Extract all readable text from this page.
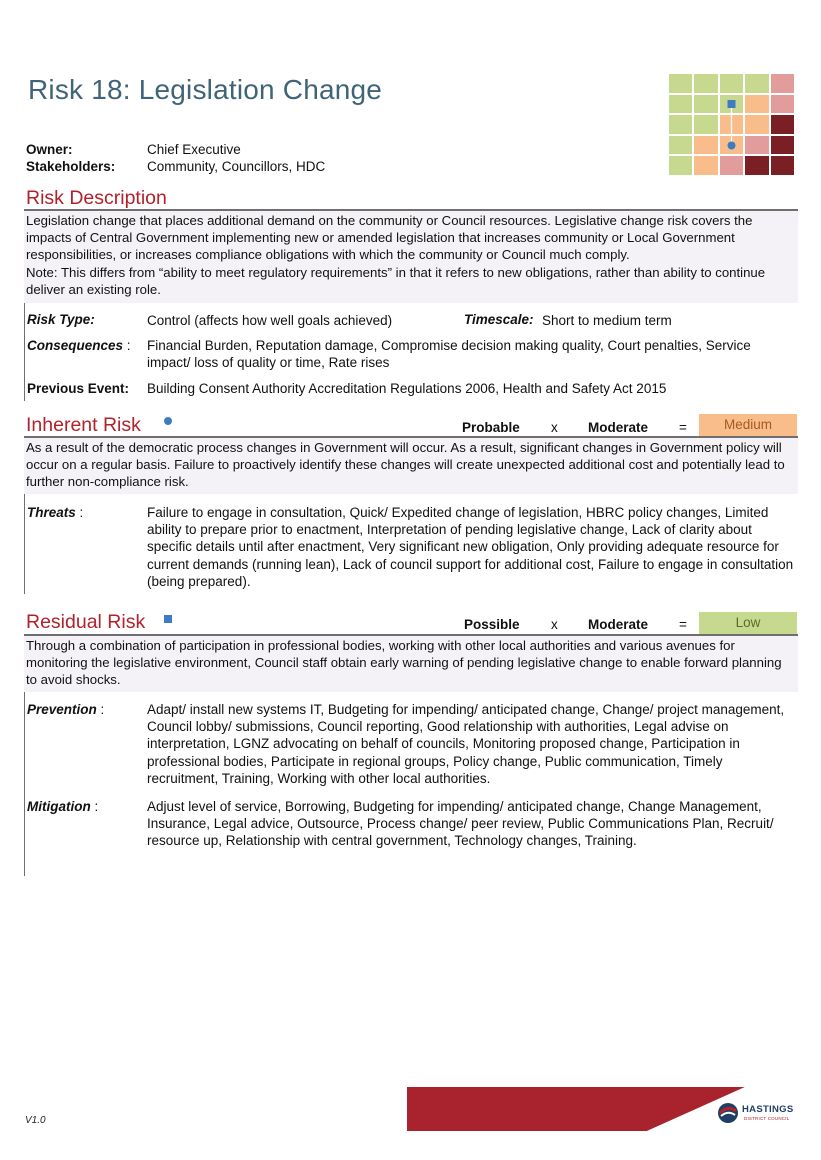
Risk 18: Legislation Change
Owner:	Chief Executive
Stakeholders: Community, Councillors, HDC
Risk Description
Legislation change that places additional demand on the community or Council resources. Legislative change risk covers the impacts of Central Government implementing new or amended legislation that increases community or Local Government responsibilities, or increases compliance obligations with which the community or Council much comply.
Note: This differs from “ability to meet regulatory requirements” in that it refers to new obligations, rather than ability to continue deliver an existing role.
Risk Type:	Control (affects how well goals achieved)	Timescale: Short to medium term
Consequences : Financial Burden, Reputation damage, Compromise decision making quality, Court penalties, Service impact/ loss of quality or time, Rate rises
Previous Event: Building Consent Authority Accreditation Regulations 2006, Health and Safety Act 2015
Inherent Risk	Probable x Moderate =	Medium
As a result of the democratic process changes in Government will occur. As a result, significant changes in Government policy will occur on a regular basis. Failure to proactively identify these changes will create unexpected additional cost and potentially lead to further non-compliance risk.
Threats :	Failure to engage in consultation, Quick/ Expedited change of legislation, HBRC policy changes, Limited ability to prepare prior to enactment, Interpretation of pending legislative change, Lack of clarity about specific details until after enactment, Very significant new obligation, Only providing adequate resource for current demands (running lean), Lack of council support for additional cost, Failure to engage in consultation (being prepared).
Residual Risk	Possible x Moderate =	Low
Through a combination of participation in professional bodies, working with other local authorities and various avenues for monitoring the legislative environment, Council staff obtain early warning of pending legislative change to enable forward planning to avoid shocks.
Prevention :	Adapt/ install new systems IT, Budgeting for impending/ anticipated change, Change/ project management, Council lobby/ submissions, Council reporting, Good relationship with authorities, Legal advise on interpretation, LGNZ advocating on behalf of councils, Monitoring proposed change, Participation in professional bodies, Participate in regional groups, Policy change, Public communication, Timely recruitment, Training, Working with other local authorities.
Mitigation :	Adjust level of service, Borrowing, Budgeting for impending/ anticipated change, Change Management, Insurance, Legal advice, Outsource, Process change/ peer review, Public Communications Plan, Recruit/ resource up, Relationship with central government, Technology changes, Training.
V1.0
HASTINGS
DISTRICT COUNCIL
